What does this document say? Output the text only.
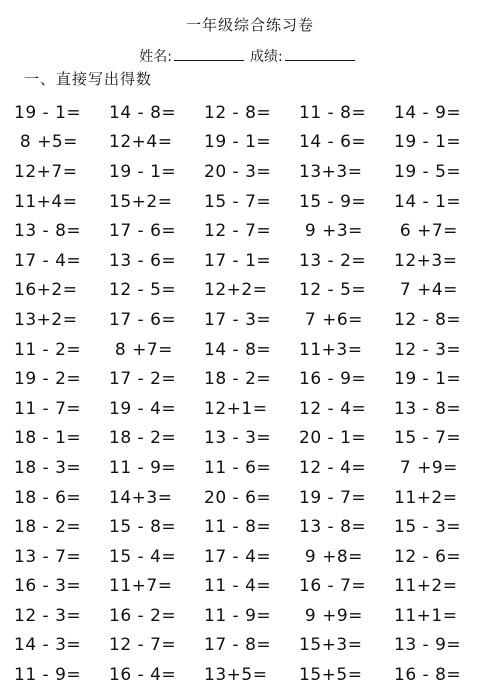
一年级综合练习卷
姓名:	成绩:
一、直接写出得数
19 - 1=	14 - 8=	12 - 8=	11 - 8=	14 - 9=
8 +5=	12+4=	19 - 1=	14 - 6=	19 - 1=
12+7=	19 - 1=	20 - 3=	13+3=	19 - 5=
11+4=	15+2=	15 - 7=	15 - 9=	14 - 1=
13 - 8=	17 - 6=	12 - 7=	9 +3=	6 +7=
17 - 4=	13 - 6=	17 - 1=	13 - 2=	12+3=
16+2=	12 - 5=	12+2=	12 - 5=	7 +4=
13+2=	17 - 6=	17 - 3=	7 +6=	12 - 8=
11 - 2=	8 +7=	14 - 8=	11+3=	12 - 3=
19 - 2=	17 - 2=	18 - 2=	16 - 9=	19 - 1=
11 - 7=	19 - 4=	12+1=	12 - 4=	13 - 8=
18 - 1=	18 - 2=	13 - 3=	20 - 1=	15 - 7=
18 - 3=	11 - 9=	11 - 6=	12 - 4=	7 +9=
18 - 6=	14+3=	20 - 6=	19 - 7=	11+2=
18 - 2=	15 - 8=	11 - 8=	13 - 8=	15 - 3=
13 - 7=	15 - 4=	17 - 4=	9 +8=	12 - 6=
16 - 3=	11+7=	11 - 4=	16 - 7=	11+2=
12 - 3=	16 - 2=	11 - 9=	9 +9=	11+1=
14 - 3=	12 - 7=	17 - 8=	15+3=	13 - 9=
11 - 9=	16 - 4=	13+5=	15+5=	16 - 8=
